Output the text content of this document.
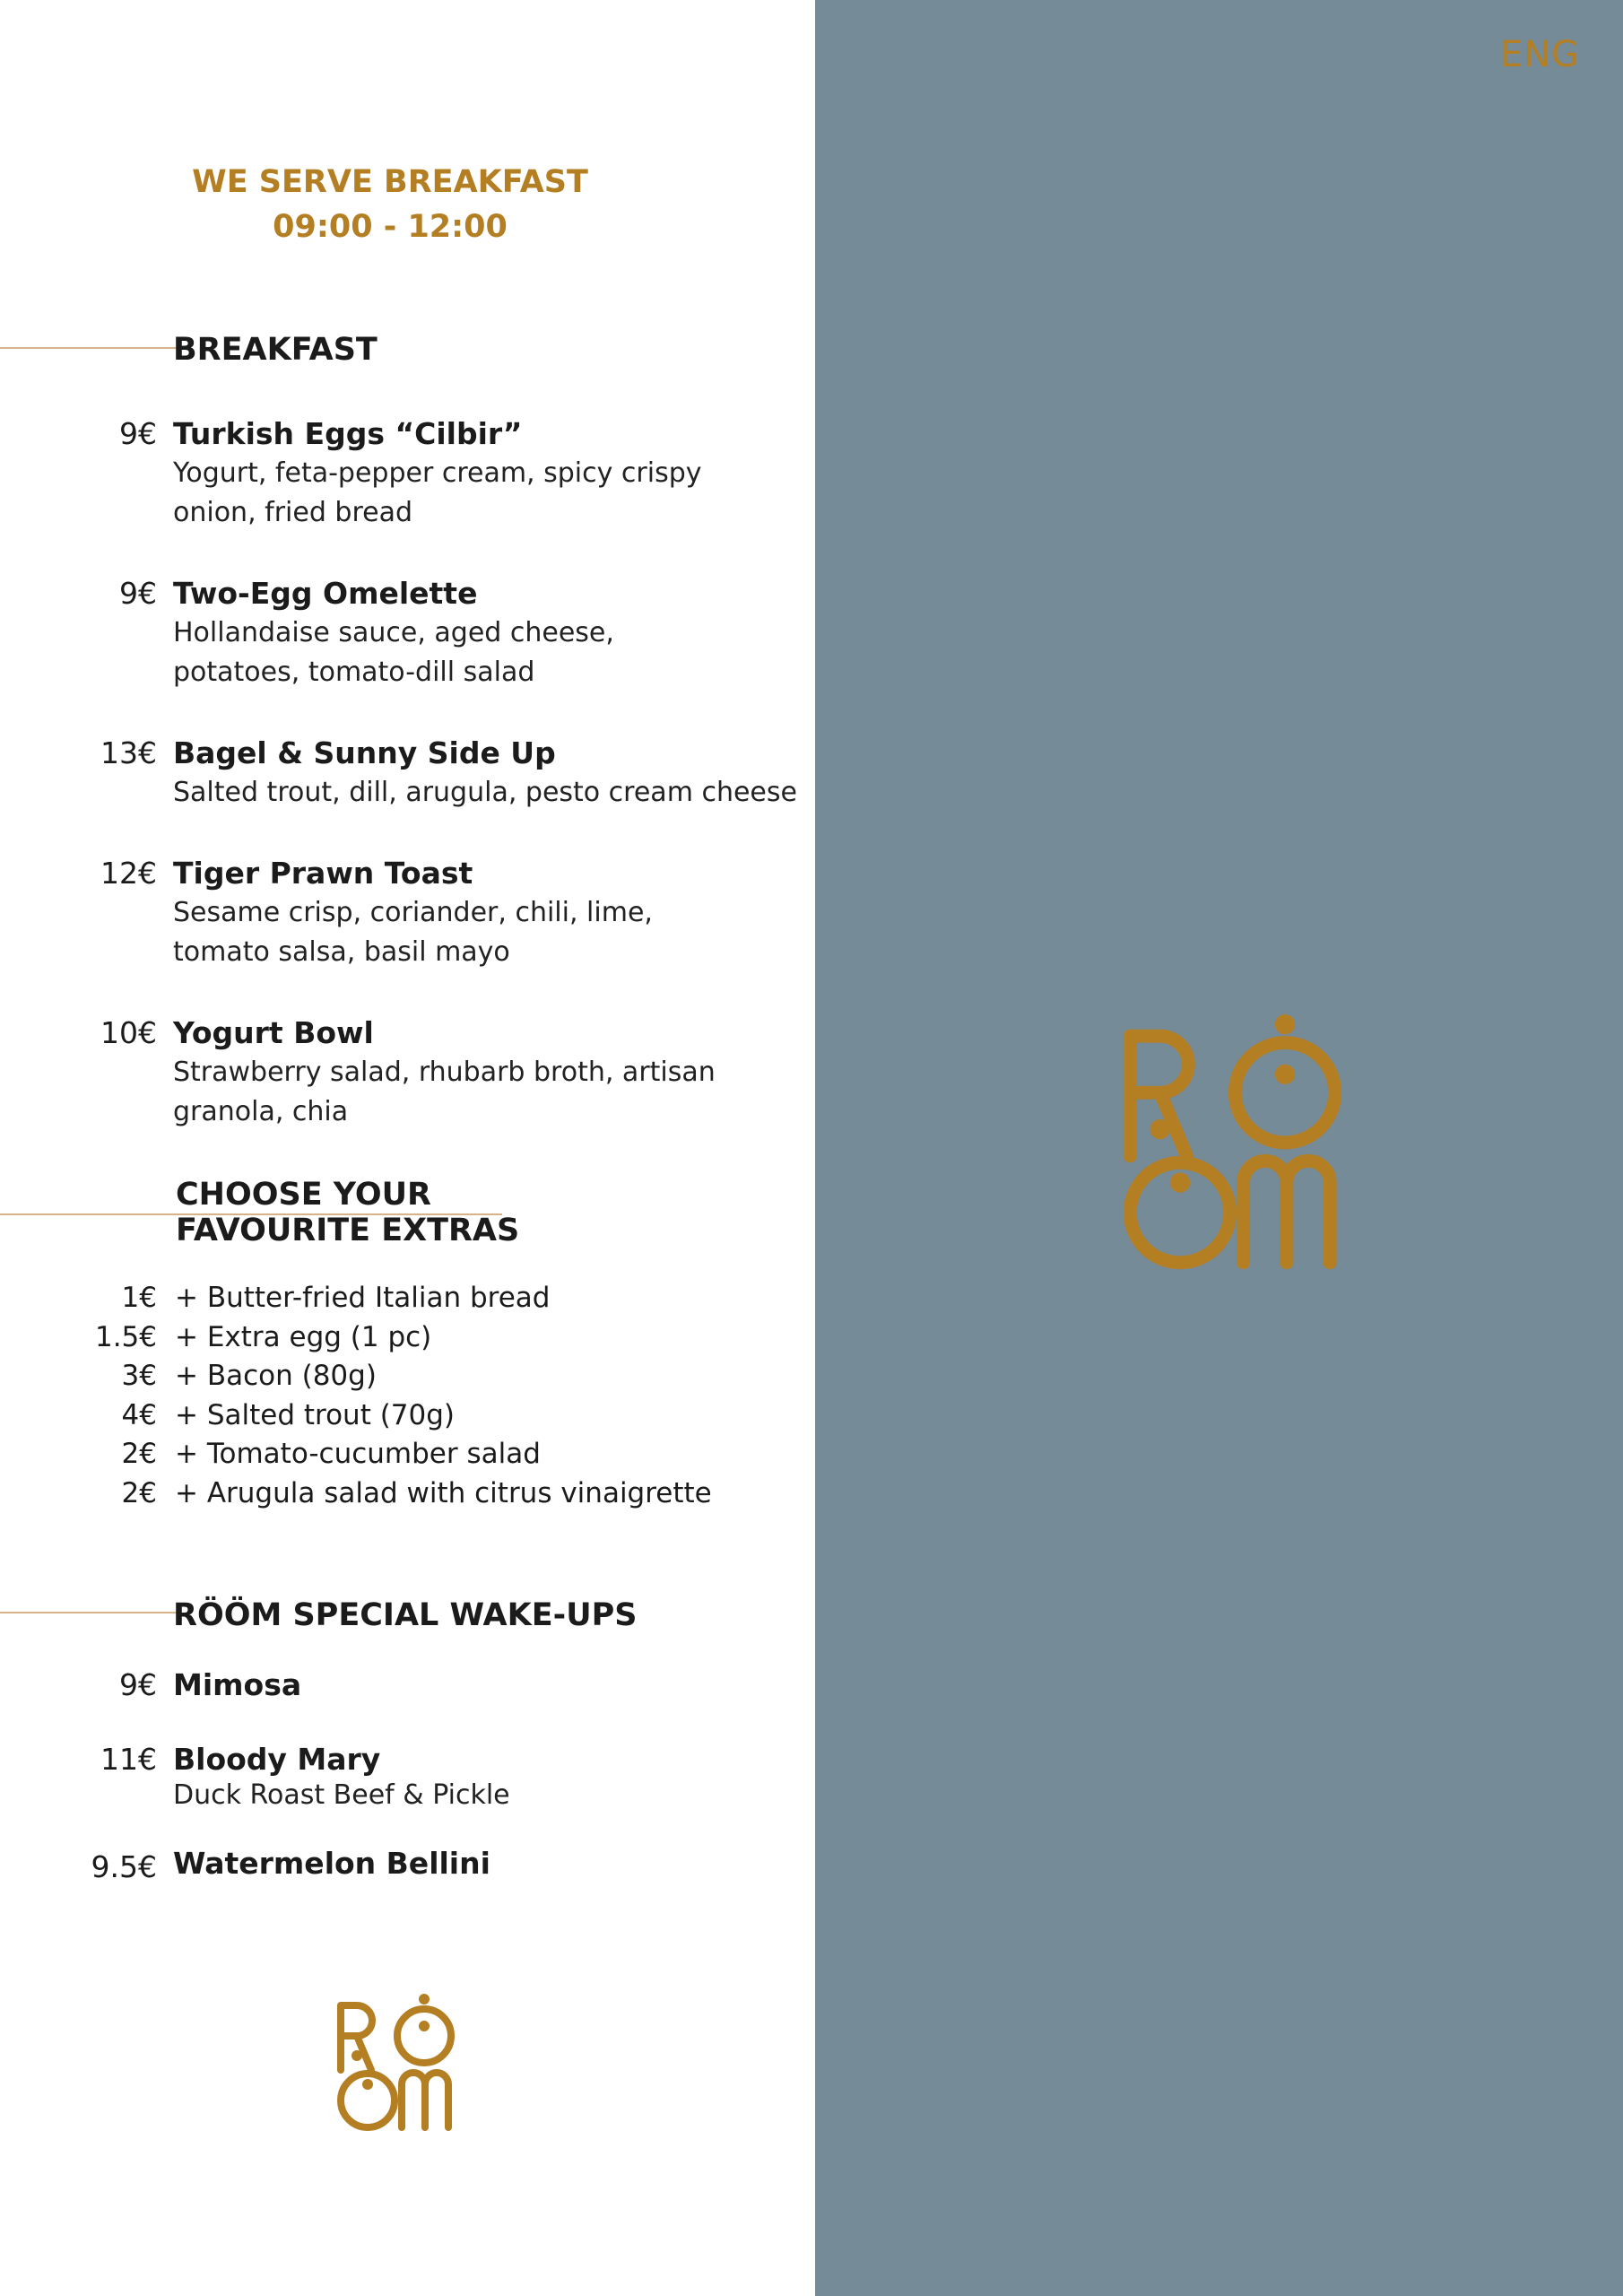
ENG
WE SERVE BREAKFAST
09:00 - 12:00
BREAKFAST
9€ Turkish Eggs “Cilbir”
Yogurt, feta-pepper cream, spicy crispy onion, fried bread
9€ Two-Egg Omelette
Hollandaise sauce, aged cheese, potatoes, tomato-dill salad
13€ Bagel & Sunny Side Up
Salted trout, dill, arugula, pesto cream cheese
12€ Tiger Prawn Toast
Sesame crisp, coriander, chili, lime, tomato salsa, basil mayo
10€ Yogurt Bowl
Strawberry salad, rhubarb broth, artisan granola, chia
CHOOSE YOUR
FAVOURITE EXTRAS
1€ + Butter-fried Italian bread
1.5€ + Extra egg (1 pc)
3€ + Bacon (80g)
4€ + Salted trout (70g)
2€ + Tomato-cucumber salad
2€ + Arugula salad with citrus vinaigrette
RÖÖM SPECIAL WAKE-UPS
9€ Mimosa
11€ Bloody Mary
Duck Roast Beef & Pickle
9.5€ Watermelon Bellini
